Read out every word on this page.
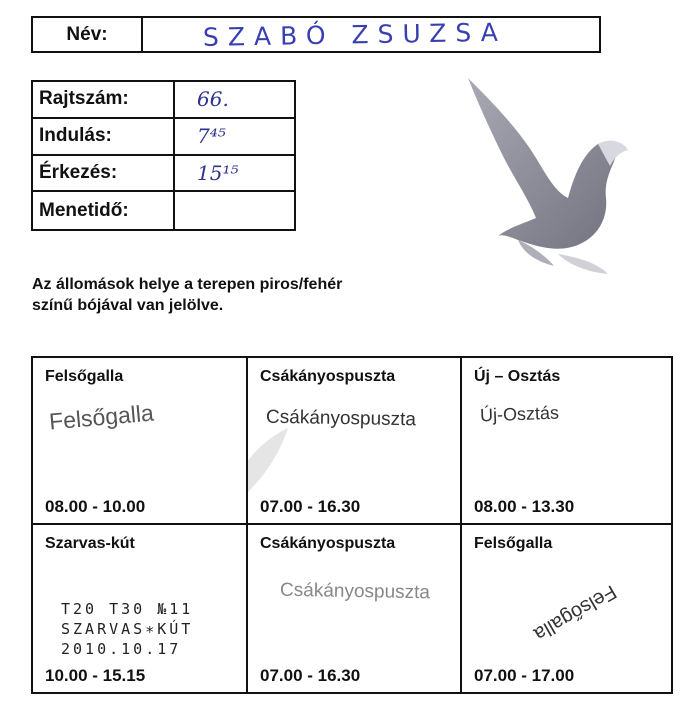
Név:	SZABÓ ZSUZSA
Rajtszám:	66.
Indulás:	7⁴⁵
Érkezés:	15¹⁵
Menetidő:
Az állomások helye a terepen piros/fehér
színű bójával van jelölve.
Felsőgalla
Felsőgalla
08.00 - 10.00
Csákányospuszta
Csákányospuszta
07.00 - 16.30
Új – Osztás
Új-Osztás
08.00 - 13.30
Szarvas-kút
T20 T30 №11
SZARVAS∗KÚT
2010.10.17
10.00 - 15.15
Csákányospuszta
Csákányospuszta
07.00 - 16.30
Felsőgalla
Felsőgalla
07.00 - 17.00
